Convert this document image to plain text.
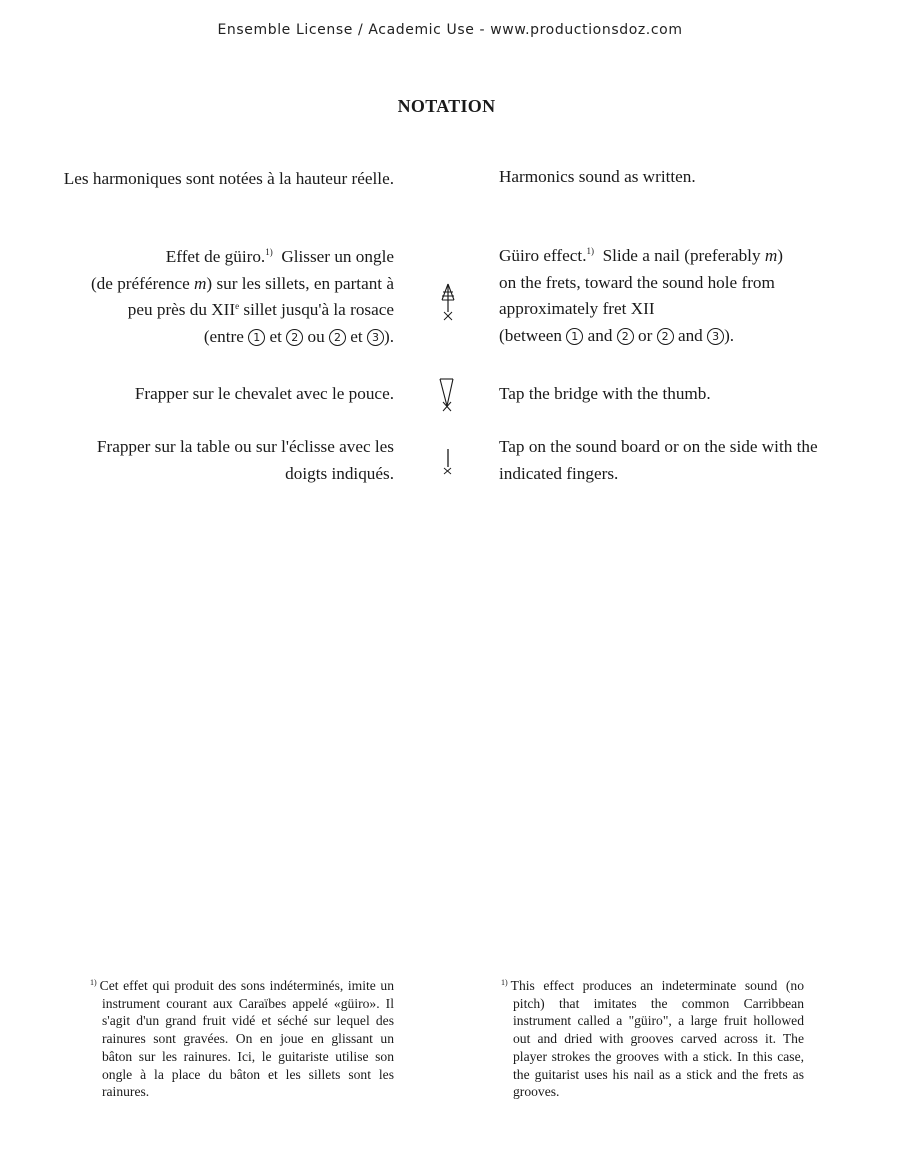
Ensemble License / Academic Use - www.productionsdoz.com
NOTATION
Les harmoniques sont notées à la hauteur réelle.	Harmonics sound as written.
Effet de güiro.$^{1)}$ Glisser un ongle
(de préférence m) sur les sillets, en partant à
peu près du XIIe sillet jusqu'à la rosace
(entre 1 et 2 ou 2 et 3 ).
Güiro effect.$^{1)}$ Slide a nail (preferably m)
on the frets, toward the sound hole from
approximately fret XII
(between 1 and 2 or 2 and 3 ).
Frapper sur le chevalet avec le pouce.	Tap the bridge with the thumb.
Frapper sur la table ou sur l'éclisse avec les doigts indiqués.
Tap on the sound board or on the side with the indicated fingers.

$^{1)}$ Cet effet qui produit des sons indéterminés, imite un instrument courant aux Caraïbes appelé «güiro». Il s'agit d'un grand fruit vidé et séché sur lequel des rainures sont gravées. On en joue en glissant un bâton sur les rainures. Ici, le guitariste utilise son ongle à la place du bâton et les sillets sont les rainures.

$^{1)}$ This effect produces an indeterminate sound (no pitch) that imitates the common Carribbean instrument called a "güiro", a large fruit hollowed out and dried with grooves carved across it. The player strokes the grooves with a stick. In this case, the guitarist uses his nail as a stick and the frets as grooves.
